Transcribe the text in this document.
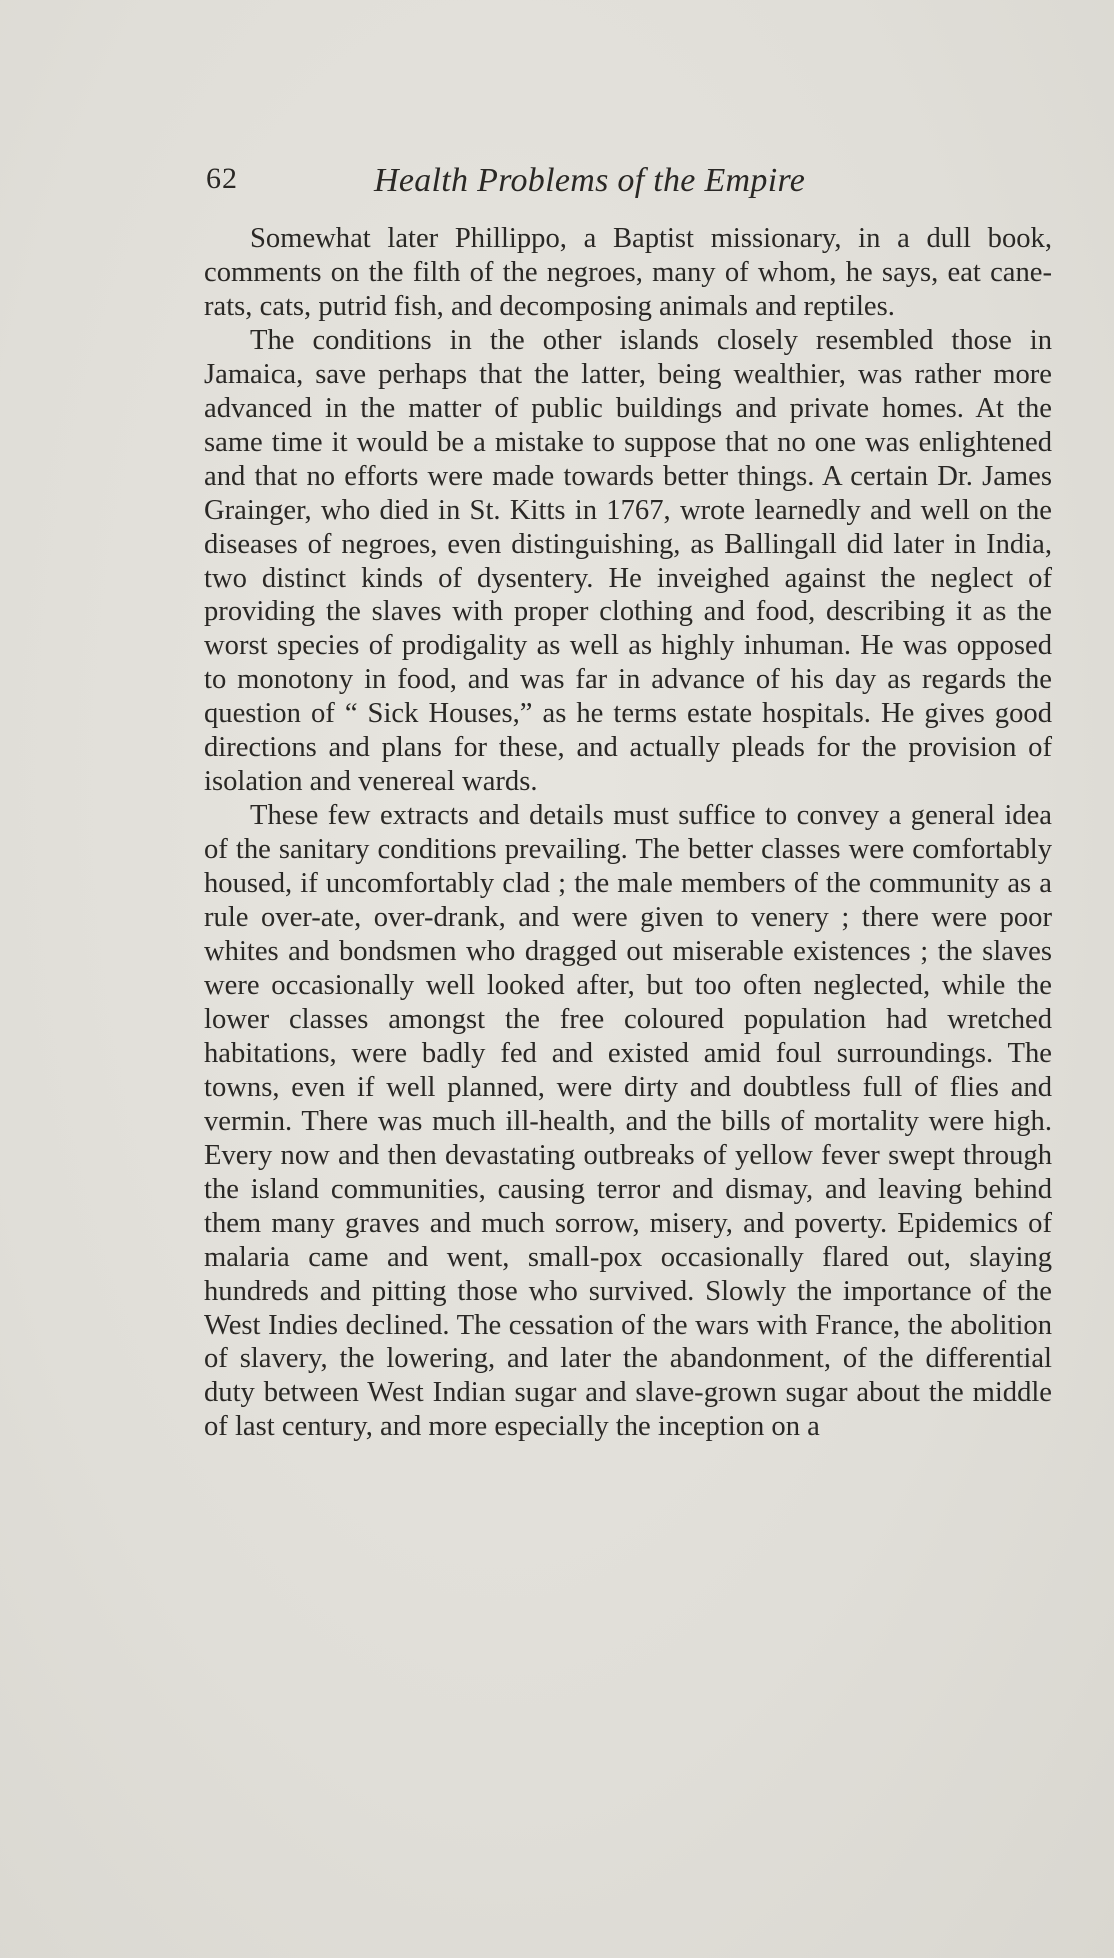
62	Health Problems of the Empire

Somewhat later Phillippo, a Baptist missionary, in a dull book, comments on the filth of the negroes, many of whom, he says, eat cane-rats, cats, putrid fish, and decomposing animals and reptiles.

The conditions in the other islands closely resembled those in Jamaica, save perhaps that the latter, being wealthier, was rather more advanced in the matter of public buildings and private homes. At the same time it would be a mistake to suppose that no one was enlightened and that no efforts were made towards better things. A certain Dr. James Grainger, who died in St. Kitts in 1767, wrote learnedly and well on the diseases of negroes, even distinguishing, as Ballingall did later in India, two distinct kinds of dysentery. He inveighed against the neglect of providing the slaves with proper clothing and food, describing it as the worst species of prodigality as well as highly inhuman. He was opposed to monotony in food, and was far in advance of his day as regards the question of “ Sick Houses,” as he terms estate hospitals. He gives good directions and plans for these, and actually pleads for the provision of isolation and venereal wards.

These few extracts and details must suffice to convey a general idea of the sanitary conditions prevailing. The better classes were comfortably housed, if uncomfortably clad ; the male members of the community as a rule over-ate, over-drank, and were given to venery ; there were poor whites and bondsmen who dragged out miserable existences ; the slaves were occasionally well looked after, but too often neglected, while the lower classes amongst the free coloured population had wretched habitations, were badly fed and existed amid foul surroundings. The towns, even if well planned, were dirty and doubtless full of flies and vermin. There was much ill-health, and the bills of mortality were high. Every now and then devastating outbreaks of yellow fever swept through the island communities, causing terror and dismay, and leaving behind them many graves and much sorrow, misery, and poverty. Epidemics of malaria came and went, small-pox occasionally flared out, slaying hundreds and pitting those who survived. Slowly the importance of the West Indies declined. The cessation of the wars with France, the abolition of slavery, the lowering, and later the abandonment, of the differential duty between West Indian sugar and slave-grown sugar about the middle of last century, and more especially the inception on a
